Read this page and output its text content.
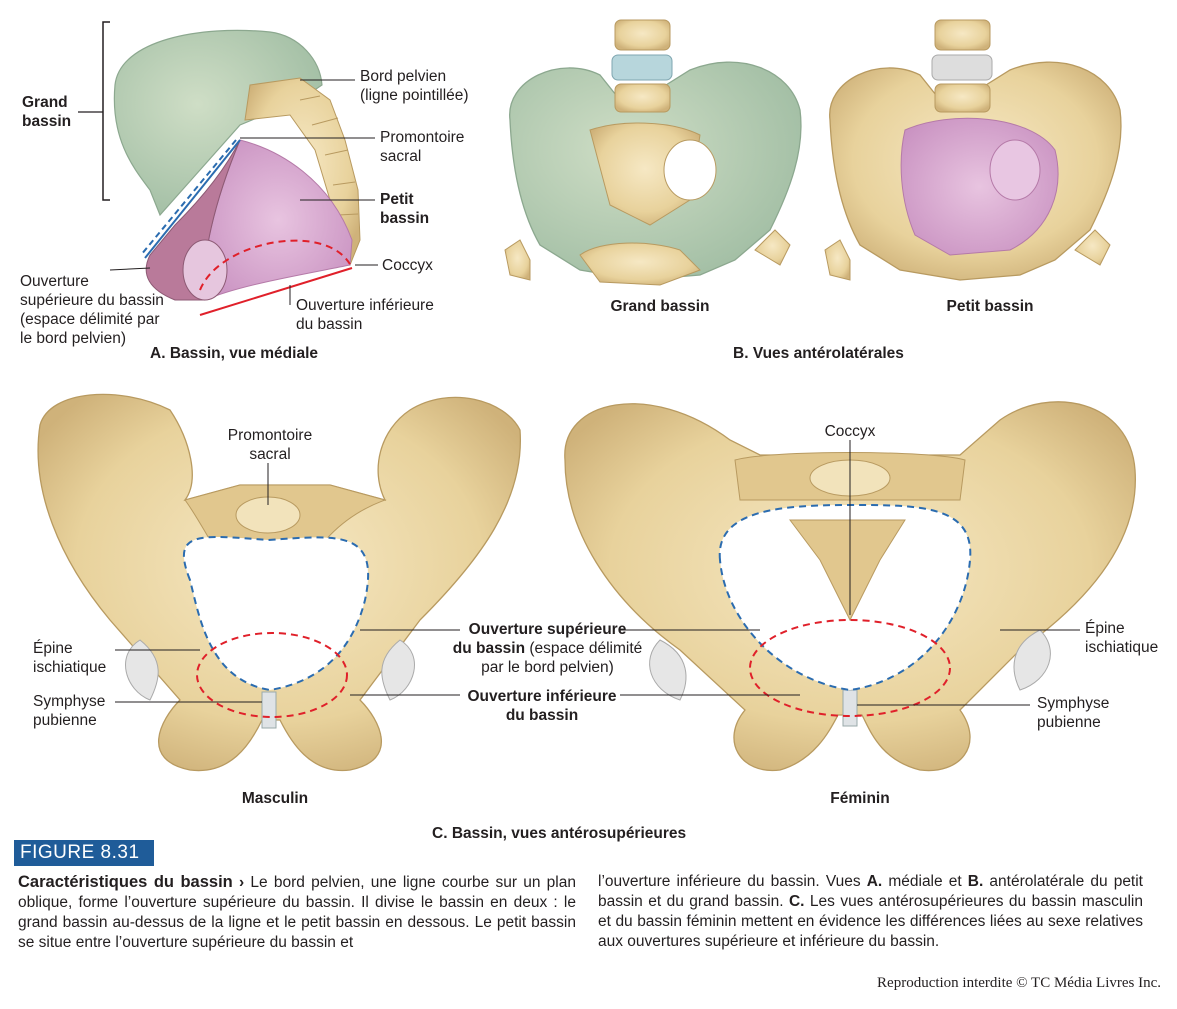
Grand bassin
Bord pelvien
(ligne pointillée)
Promontoire
sacral
Petit bassin
Coccyx
Ouverture
supérieure du bassin
(espace délimité par
le bord pelvien)
Ouverture inférieure
du bassin
A. Bassin, vue médiale
Grand bassin	Petit bassin
B. Vues antérolatérales
Promontoire
sacral
Coccyx
Épine
ischiatique
Épine
ischiatique
Symphyse
pubienne
Symphyse
pubienne
Ouverture supérieure
du bassin (espace délimité
par le bord pelvien)
Ouverture inférieure
du bassin
Masculin	Féminin
C. Bassin, vues antérosupérieures
FIGURE 8.31
Caractéristiques du bassin › Le bord pelvien, une ligne courbe sur un plan oblique, forme l’ouverture supérieure du bassin. Il divise le bassin en deux : le grand bassin au-dessus de la ligne et le petit bassin en dessous. Le petit bassin se situe entre l’ouverture supérieure du bassin et
l’ouverture inférieure du bassin. Vues A. médiale et B. antérolatérale du petit bassin et du grand bassin. C. Les vues antérosupérieures du bassin masculin et du bassin féminin mettent en évidence les différences liées au sexe relatives aux ouvertures supérieure et inférieure du bassin.
Reproduction interdite © TC Média Livres Inc.
